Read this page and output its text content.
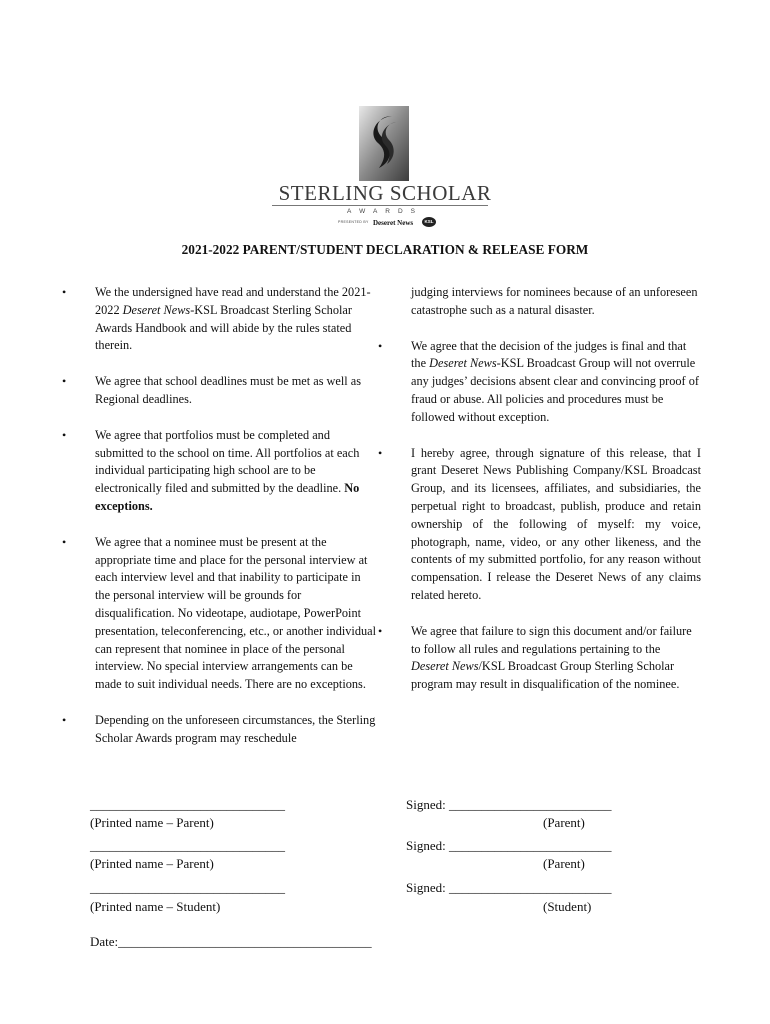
STERLING SCHOLAR
AWARDS
PRESENTED BY Deseret News	KSL
2021-2022 PARENT/STUDENT DECLARATION & RELEASE FORM
• We the undersigned have read and understand the 2021-2022 Deseret News-KSL Broadcast Sterling Scholar Awards Handbook and will abide by the rules stated therein.
• We agree that school deadlines must be met as well as Regional deadlines.
• We agree that portfolios must be completed and submitted to the school on time. All portfolios at each individual participating high school are to be electronically filed and submitted by the deadline. No exceptions.
• We agree that a nominee must be present at the appropriate time and place for the personal interview at each interview level and that inability to participate in the personal interview will be grounds for disqualification. No videotape, audiotape, PowerPoint presentation, teleconferencing, etc., or another individual can represent that nominee in place of the personal interview. No special interview arrangements can be made to suit individual needs. There are no exceptions.
• Depending on the unforeseen circumstances, the Sterling Scholar Awards program may reschedule
judging interviews for nominees because of an unforeseen catastrophe such as a natural disaster.
• We agree that the decision of the judges is final and that the Deseret News-KSL Broadcast Group will not overrule any judges’ decisions absent clear and convincing proof of fraud or abuse. All policies and procedures must be followed without exception.
• I hereby agree, through signature of this release, that I grant Deseret News Publishing Company/KSL Broadcast Group, and its licensees, affiliates, and subsidiaries, the perpetual right to broadcast, publish, produce and retain ownership of the following of myself: my voice, photograph, name, video, or any other likeness, and the contents of my submitted portfolio, for any reason without compensation. I release the Deseret News of any claims related hereto.
• We agree that failure to sign this document and/or failure to follow all rules and regulations pertaining to the Deseret News/KSL Broadcast Group Sterling Scholar program may result in disqualification of the nominee.
______________________________
(Printed name – Parent)
______________________________
(Printed name – Parent)
______________________________
(Printed name – Student)
Date:_______________________________________
Signed: _________________________
(Parent)
Signed: _________________________
(Parent)
Signed: _________________________
(Student)
